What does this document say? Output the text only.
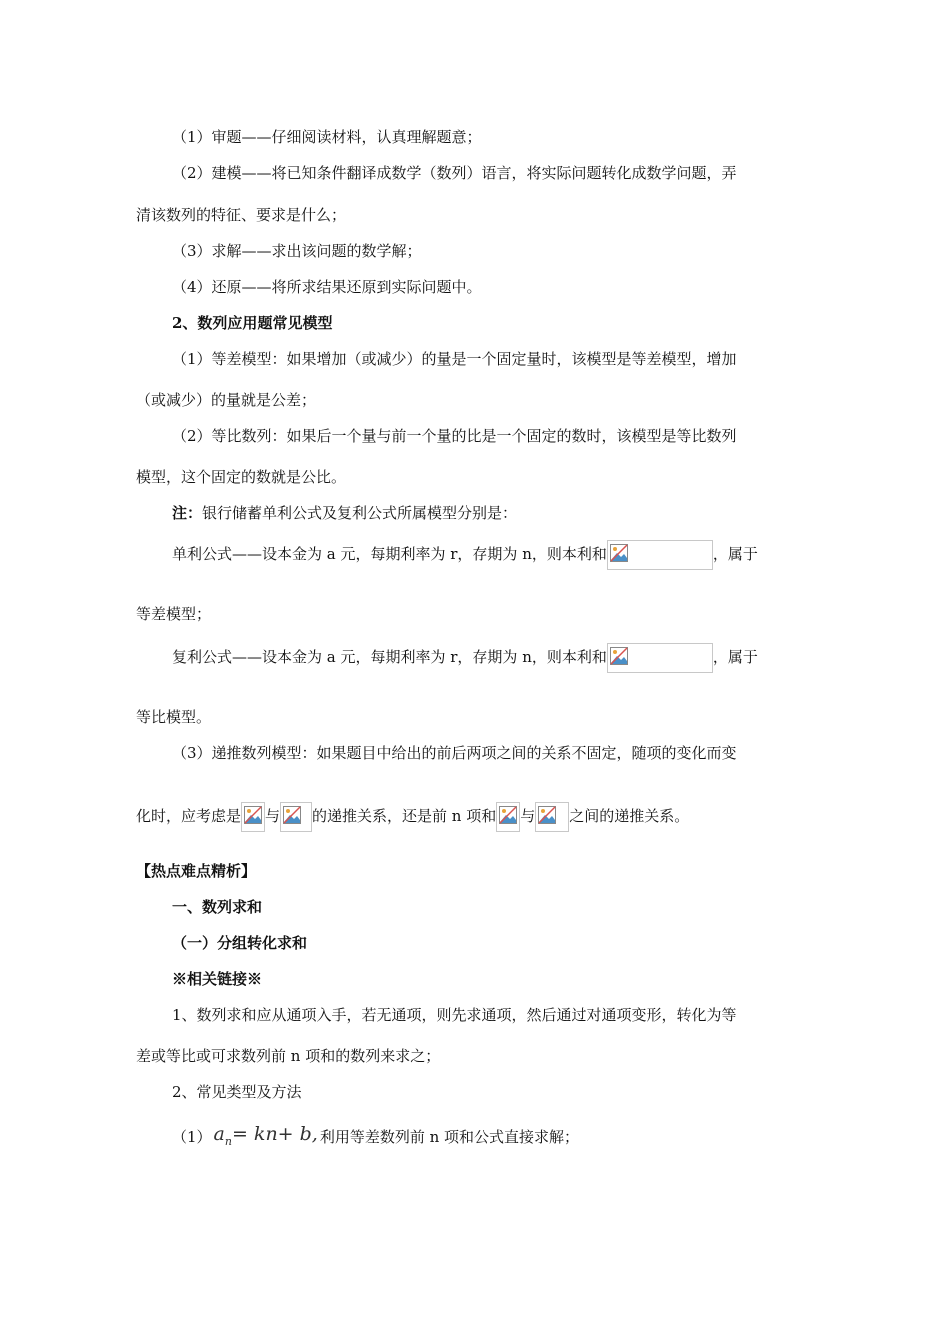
（1）审题——仔细阅读材料，认真理解题意；
（2）建模——将已知条件翻译成数学（数列）语言，将实际问题转化成数学问题，弄
清该数列的特征、要求是什么；
（3）求解——求出该问题的数学解；
（4）还原——将所求结果还原到实际问题中。
2、数列应用题常见模型
（1）等差模型：如果增加（或减少）的量是一个固定量时，该模型是等差模型，增加
（或减少）的量就是公差；
（2）等比数列：如果后一个量与前一个量的比是一个固定的数时，该模型是等比数列
模型，这个固定的数就是公比。
注：银行储蓄单利公式及复利公式所属模型分别是：
单利公式——设本金为 a 元，每期利率为 r，存期为 n，则本利和	，属于
等差模型；
复利公式——设本金为 a 元，每期利率为 r，存期为 n，则本利和	，属于
等比模型。
（3）递推数列模型：如果题目中给出的前后两项之间的关系不固定，随项的变化而变
化时，应考虑是 与 的递推关系，还是前 n 项和 与 之间的递推关系。
【热点难点精析】
一、数列求和
（一）分组转化求和
※相关链接※
1、数列求和应从通项入手，若无通项，则先求通项，然后通过对通项变形，转化为等
差或等比或可求数列前 n 项和的数列来求之；
2、常见类型及方法
（1） $a_n= kn+ b$, 利用等差数列前 n 项和公式直接求解；
